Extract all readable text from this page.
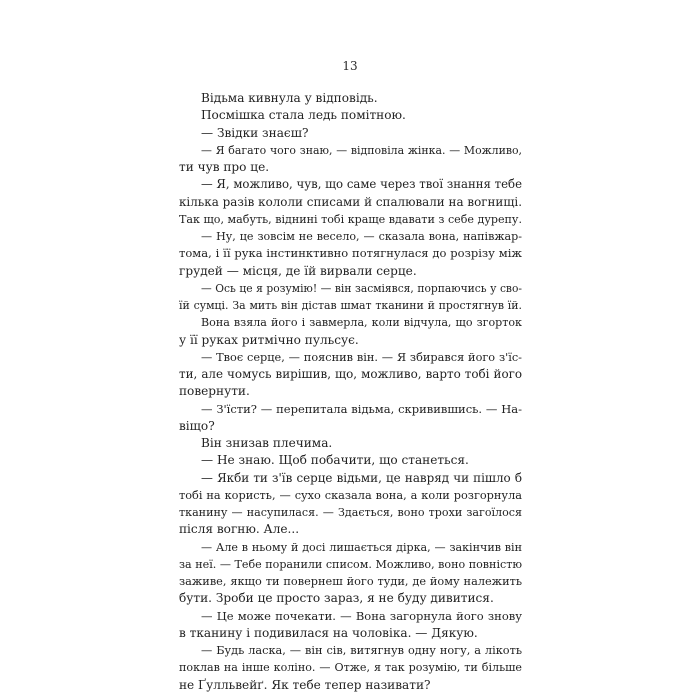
13
Відьма кивнула у відповідь.
Посмішка стала ледь помітною.
— Звідки знаєш?
— Я багато чого знаю, — відповіла жінка. — Можливо,
ти чув про це.
— Я, можливо, чув, що саме через твої знання тебе
кілька разів кололи списами й спалювали на вогнищі.
Так що, мабуть, віднині тобі краще вдавати з себе дурепу.
— Ну, це зовсім не весело, — сказала вона, напівжар-
тома, і її рука інстинктивно потягнулася до розрізу між
грудей — місця, де їй вирвали серце.
— Ось це я розумію! — він засміявся, порпаючись у сво-
їй сумці. За мить він дістав шмат тканини й простягнув їй.
Вона взяла його і завмерла, коли відчула, що згорток
у її руках ритмічно пульсує.
— Твоє серце, — пояснив він. — Я збирався його з'їс-
ти, але чомусь вирішив, що, можливо, варто тобі його
повернути.
— З'їсти? — перепитала відьма, скривившись. — На-
віщо?
Він знизав плечима.
— Не знаю. Щоб побачити, що станеться.
— Якби ти з'їв серце відьми, це навряд чи пішло б
тобі на користь, — сухо сказала вона, а коли розгорнула
тканину — насупилася. — Здається, воно трохи загоїлося
після вогню. Але...
— Але в ньому й досі лишається дірка, — закінчив він
за неї. — Тебе поранили списом. Можливо, воно повністю
заживе, якщо ти повернеш його туди, де йому належить
бути. Зроби це просто зараз, я не буду дивитися.
— Це може почекати. — Вона загорнула його знову
в тканину і подивилася на чоловіка. — Дякую.
— Будь ласка, — він сів, витягнув одну ногу, а лікоть
поклав на інше коліно. — Отже, я так розумію, ти більше
не Ґулльвейґ. Як тебе тепер називати?
